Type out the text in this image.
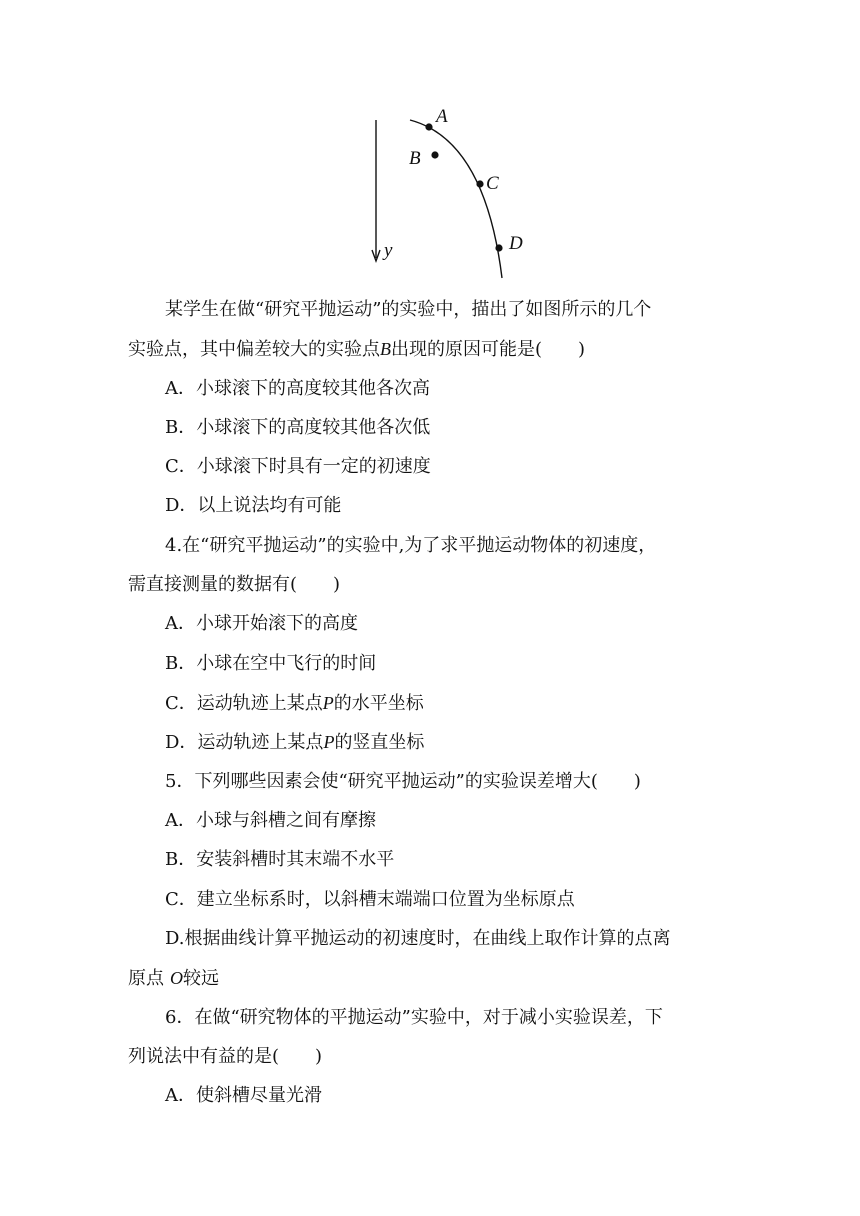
y
A
B
C
D
某学生在做“研究平抛运动”的实验中，描出了如图所示的几个
实验点，其中偏差较大的实验点B出现的原因可能是(　　)
A．小球滚下的高度较其他各次高
B．小球滚下的高度较其他各次低
C．小球滚下时具有一定的初速度
D．以上说法均有可能
4.在“研究平抛运动”的实验中,为了求平抛运动物体的初速度，
需直接测量的数据有(　　)
A．小球开始滚下的高度
B．小球在空中飞行的时间
C．运动轨迹上某点P的水平坐标
D．运动轨迹上某点P的竖直坐标
5．下列哪些因素会使“研究平抛运动”的实验误差增大(　　)
A．小球与斜槽之间有摩擦
B．安装斜槽时其末端不水平
C．建立坐标系时，以斜槽末端端口位置为坐标原点
D.根据曲线计算平抛运动的初速度时，在曲线上取作计算的点离
原点 O较远
6．在做“研究物体的平抛运动”实验中，对于减小实验误差，下
列说法中有益的是(　　)
A．使斜槽尽量光滑
